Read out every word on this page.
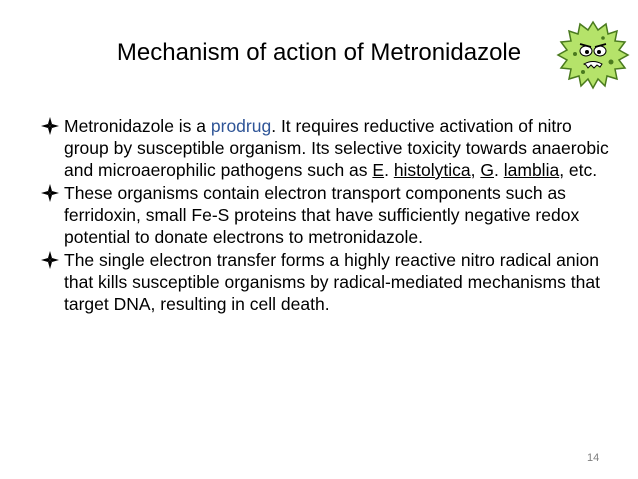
Mechanism of action of Metronidazole
Metronidazole is a prodrug. It requires reductive activation of nitro group by susceptible organism. Its selective toxicity towards anaerobic and microaerophilic pathogens such as E. histolytica, G. lamblia, etc.
These organisms contain electron transport components such as ferridoxin, small Fe-S proteins that have sufficiently negative redox potential to donate electrons to metronidazole.
The single electron transfer forms a highly reactive nitro radical anion that kills susceptible organisms by radical-mediated mechanisms that target DNA, resulting in cell death.
14
